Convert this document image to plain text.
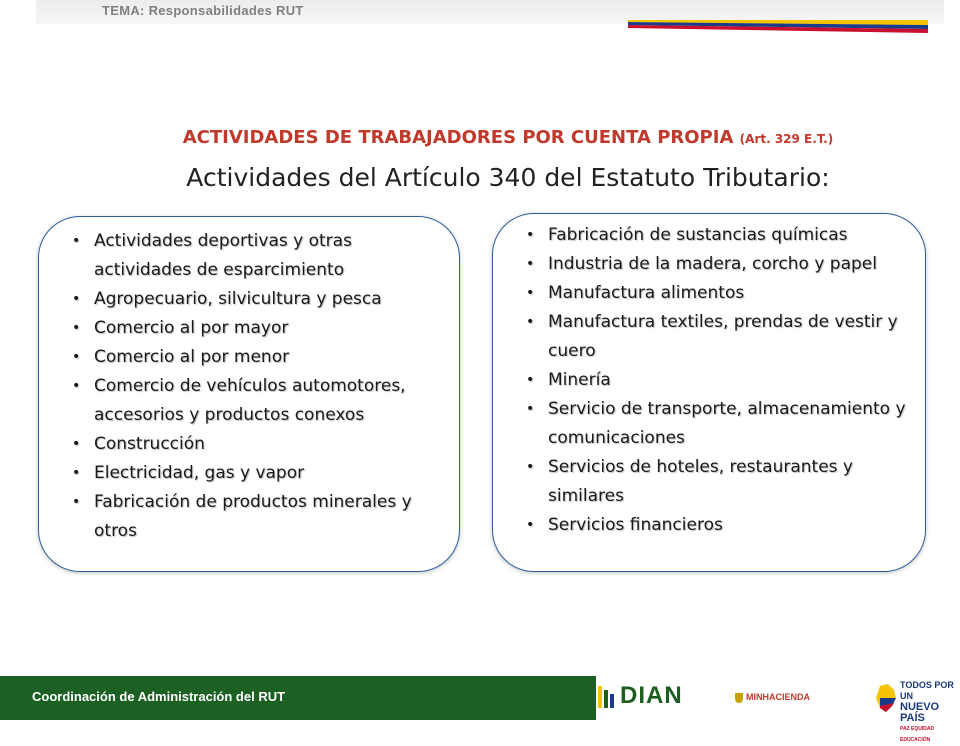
TEMA: Responsabilidades RUT
ACTIVIDADES DE TRABAJADORES POR CUENTA PROPIA (Art. 329 E.T.)
Actividades del Artículo 340 del Estatuto Tributario:
• Actividades deportivas y otras actividades de esparcimiento
• Agropecuario, silvicultura y pesca
• Comercio al por mayor
• Comercio al por menor
• Comercio de vehículos automotores, accesorios y productos conexos
• Construcción
• Electricidad, gas y vapor
• Fabricación de productos minerales y otros
• Fabricación de sustancias químicas
• Industria de la madera, corcho y papel
• Manufactura alimentos
• Manufactura textiles, prendas de vestir y cuero
• Minería
• Servicio de transporte, almacenamiento y comunicaciones
• Servicios de hoteles, restaurantes y similares
• Servicios financieros
Coordinación de Administración del RUT	DIAN	MINHACIENDA
TODOS POR UN
NUEVO PAÍS
PAZ EQUIDAD EDUCACIÓN
